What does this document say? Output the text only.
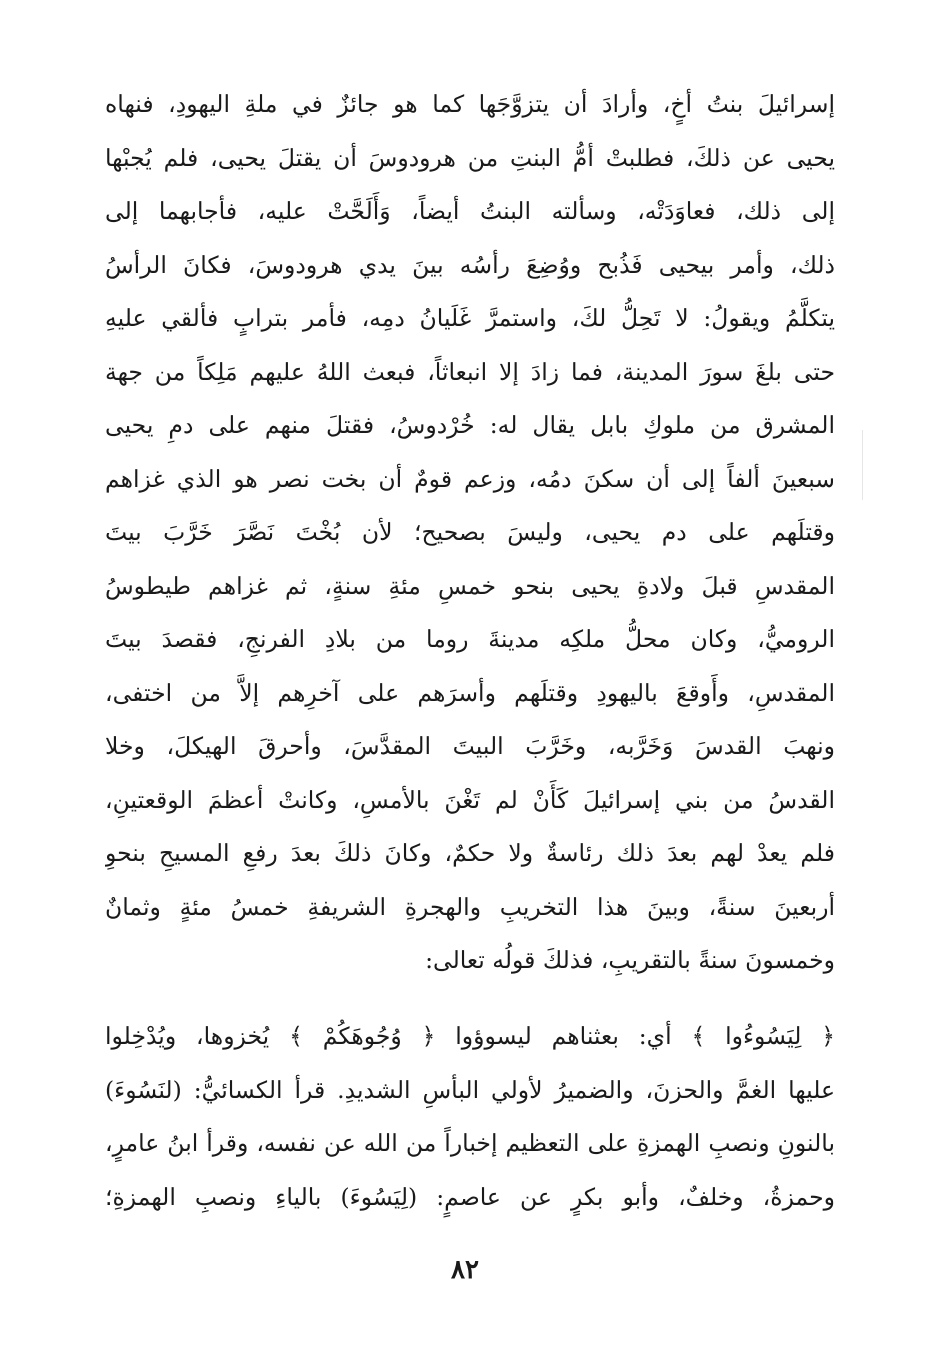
إسرائيلَ بنتُ أخٍ، وأرادَ أن يتزوَّجَها كما هو جائزٌ في ملةِ اليهودِ، فنهاه
يحيى عن ذلكَ، فطلبتْ أمُّ البنتِ من هرودوسَ أن يقتلَ يحيى، فلم يُجبْها
إلى ذلك، فعاوَدَتْه، وسألته البنتُ أيضاً، وَأَلَحَّتْ عليه، فأجابهما إلى
ذلك، وأمر بيحيى فَذُبح ووُضِعَ رأسُه بينَ يدي هرودوسَ، فكانَ الرأسُ
يتكلَّمُ ويقولُ: لا تَحِلُّ لكَ، واستمرَّ غَلَيانُ دمِه، فأمر بترابٍ فألقي عليهِ
حتى بلغَ سورَ المدينة، فما زادَ إلا انبعاثاً، فبعث اللهُ عليهم مَلِكاً من جهة
المشرق من ملوكِ بابل يقال له: خُرْدوسُ، فقتلَ منهم على دمِ يحيى
سبعينَ ألفاً إلى أن سكنَ دمُه، وزعم قومٌ أن بخت نصر هو الذي غزاهم
وقتلَهم على دم يحيى، وليسَ بصحيح؛ لأن بُخْتَ نَصَّرَ خَرَّبَ بيتَ
المقدسِ قبلَ ولادةِ يحيى بنحو خمسِ مئةِ سنةٍ، ثم غزاهم طيطوسُ
الروميُّ، وكان محلُّ ملكِه مدينةَ روما من بلادِ الفرنجِ، فقصدَ بيتَ
المقدسِ، وأَوقعَ باليهودِ وقتلَهم وأسرَهم على آخرِهم إلاَّ من اختفى،
ونهبَ القدسَ وَخَرَّبه، وخَرَّبَ البيتَ المقدَّسَ، وأحرقَ الهيكلَ، وخلا
القدسُ من بني إسرائيلَ كَأَنْ لم تَغْنَ بالأمسِ، وكانتْ أعظمَ الوقعتينِ،
فلم يعدْ لهم بعدَ ذلك رئاسةٌ ولا حكمٌ، وكانَ ذلكَ بعدَ رفعِ المسيحِ بنحوِ
أربعينَ سنةً، وبينَ هذا التخريبِ والهجرةِ الشريفةِ خمسُ مئةٍ وثمانٌ
وخمسونَ سنةً بالتقريبِ، فذلكَ قولُه تعالى:
﴿ لِيَسُوءُوا ﴾ أي: بعثناهم ليسوؤوا ﴿ وُجُوهَكُمْ ﴾ يُخزوها، ويُدْخِلوا
عليها الغمَّ والحزنَ، والضميرُ لأولي البأسِ الشديدِ. قرأ الكسائيُّ: (لنَسُوءَ)
بالنونِ ونصبِ الهمزةِ على التعظيم إخباراً من الله عن نفسه، وقرأ ابنُ عامرٍ،
وحمزةُ، وخلفٌ، وأبو بكرٍ عن عاصمٍ: (لِيَسُوءَ) بالياءِ ونصبِ الهمزةِ؛
٨٢
